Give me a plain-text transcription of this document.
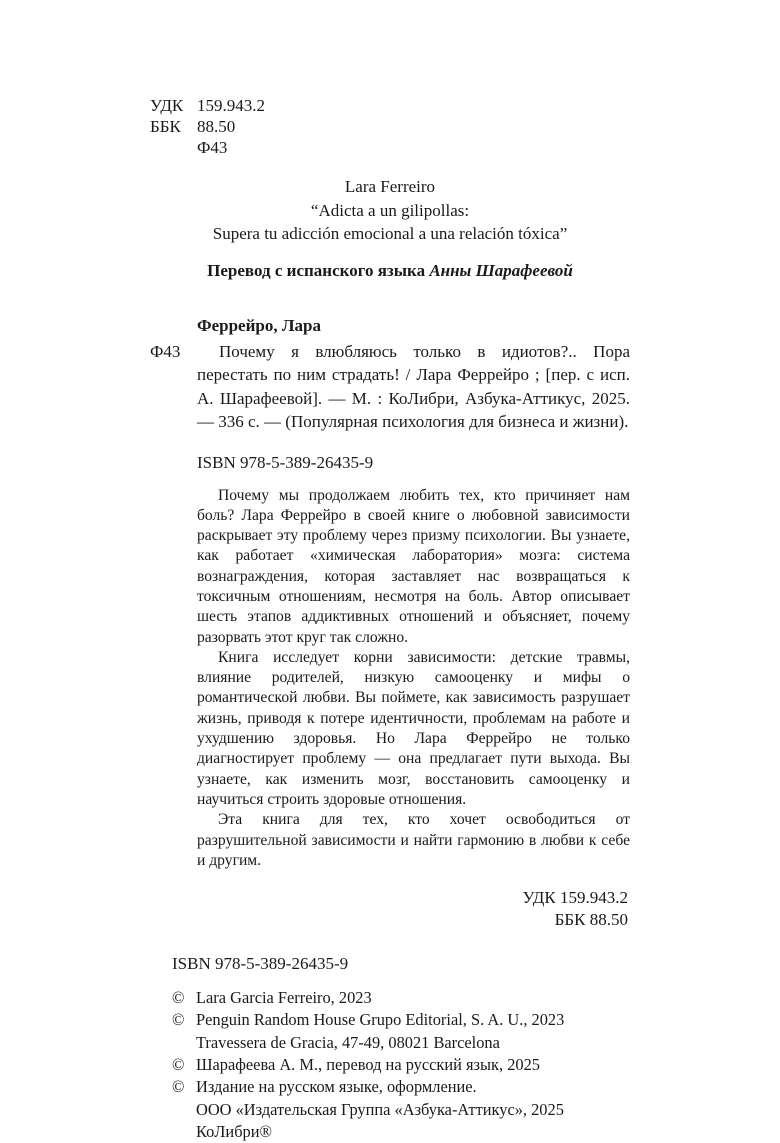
УДК 159.943.2
ББК 88.50
Ф43
Lara Ferreiro
“Adicta a un gilipollas:
Supera tu adicción emocional a una relación tóxica”
Перевод с испанского языка Анны Шарафеевой
Феррейро, Лара
Ф43	Почему я влюбляюсь только в идиотов?.. Пора перестать по ним страдать! / Лара Феррейро ; [пер. с исп. А. Шарафеевой]. — М. : КоЛибри, Азбука-Аттикус, 2025. — 336 с. — (Популярная психология для бизнеса и жизни).

ISBN 978-5-389-26435-9

Почему мы продолжаем любить тех, кто причиняет нам боль? Лара Феррейро в своей книге о любовной зависимости раскрывает эту проблему через призму психологии. Вы узнаете, как работает «химическая лаборатория» мозга: система вознаграждения, которая заставляет нас возвращаться к токсичным отношениям, несмотря на боль. Автор описывает шесть этапов аддиктивных отношений и объясняет, почему разорвать этот круг так сложно.

Книга исследует корни зависимости: детские травмы, влияние родителей, низкую самооценку и мифы о романтической любви. Вы поймете, как зависимость разрушает жизнь, приводя к потере идентичности, проблемам на работе и ухудшению здоровья. Но Лара Феррейро не только диагностирует проблему — она предлагает пути выхода. Вы узнаете, как изменить мозг, восстановить самооценку и научиться строить здоровые отношения.

Эта книга для тех, кто хочет освободиться от разрушительной зависимости и найти гармонию в любви к себе и другим.

УДК 159.943.2
ББК 88.50
ISBN 978-5-389-26435-9
© Lara Garcia Ferreiro, 2023
© Penguin Random House Grupo Editorial, S. A. U., 2023
Travessera de Gracia, 47-49, 08021 Barcelona
© Шарафеева А. М., перевод на русский язык, 2025
© Издание на русском языке, оформление.
ООО «Издательская Группа «Азбука-Аттикус», 2025
КоЛибри®
